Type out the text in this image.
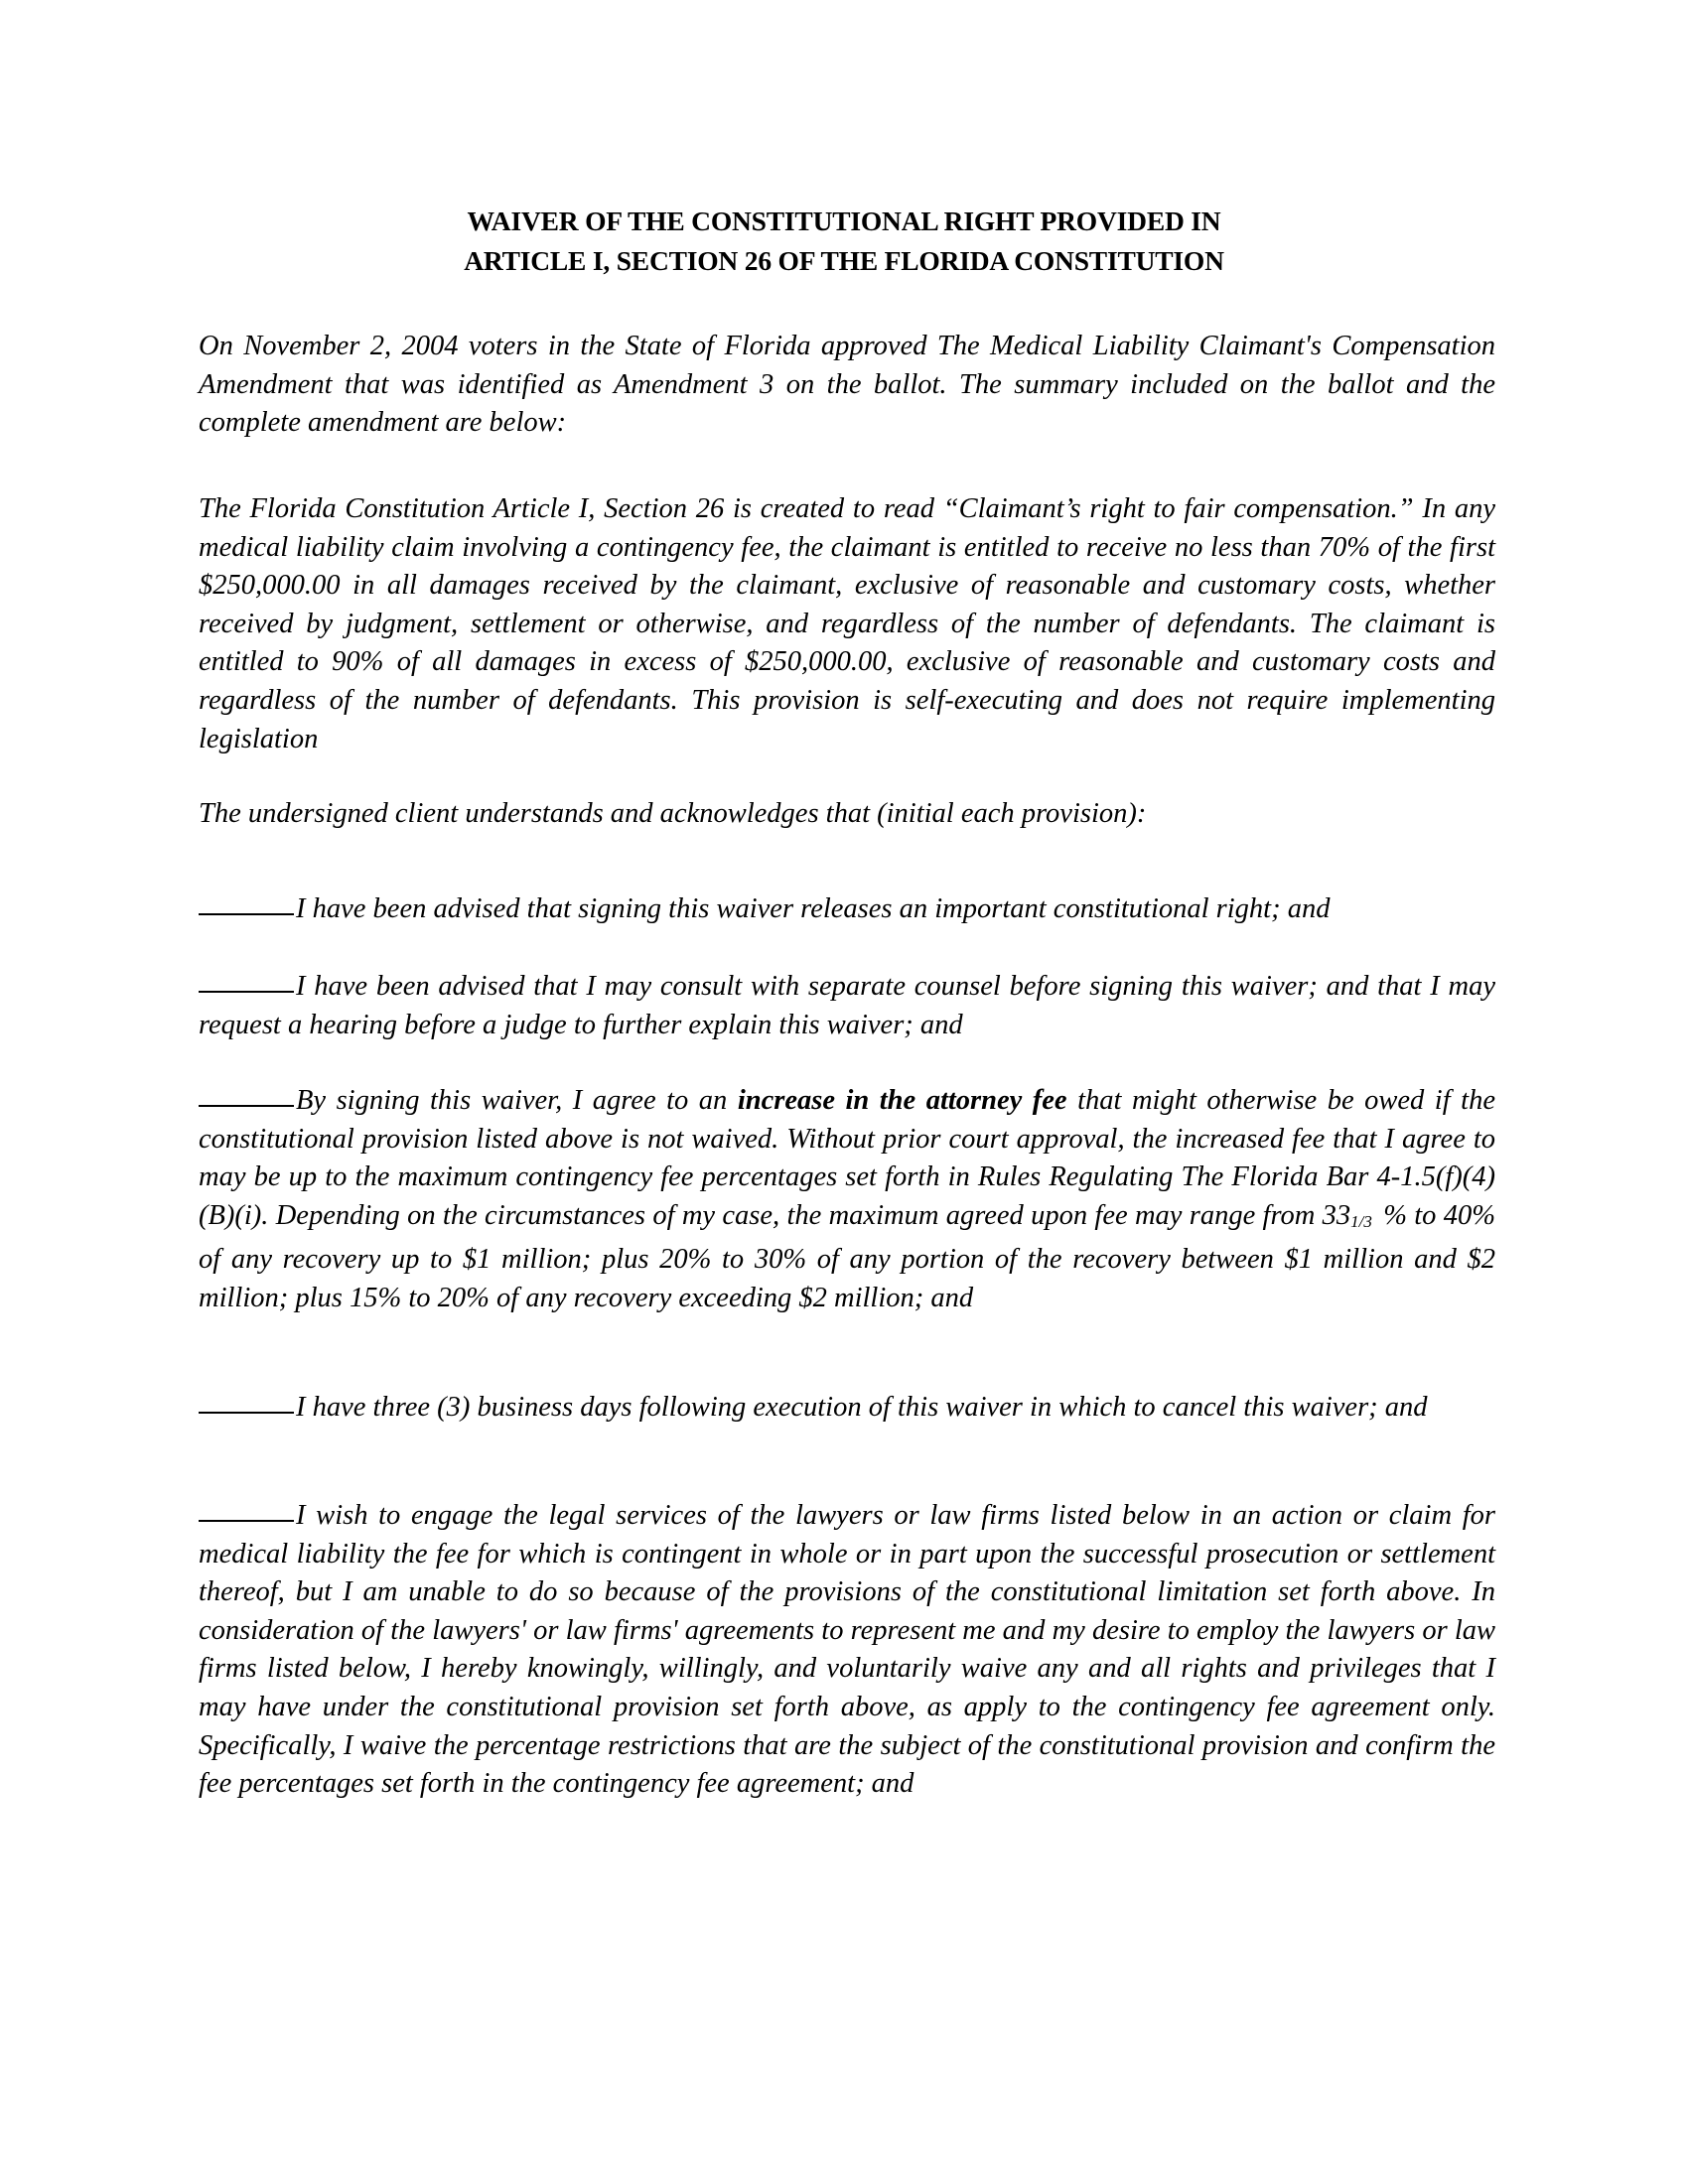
WAIVER OF THE CONSTITUTIONAL RIGHT PROVIDED IN
ARTICLE I, SECTION 26 OF THE FLORIDA CONSTITUTION

On November 2, 2004 voters in the State of Florida approved The Medical Liability Claimant's Compensation Amendment that was identified as Amendment 3 on the ballot. The summary included on the ballot and the complete amendment are below:

The Florida Constitution Article I, Section 26 is created to read “Claimant’s right to fair compensation.” In any medical liability claim involving a contingency fee, the claimant is entitled to receive no less than 70% of the first $250,000.00 in all damages received by the claimant, exclusive of reasonable and customary costs, whether received by judgment, settlement or otherwise, and regardless of the number of defendants. The claimant is entitled to 90% of all damages in excess of $250,000.00, exclusive of reasonable and customary costs and regardless of the number of defendants. This provision is self-executing and does not require implementing legislation

The undersigned client understands and acknowledges that (initial each provision):

I have been advised that signing this waiver releases an important constitutional right; and

I have been advised that I may consult with separate counsel before signing this waiver; and that I may request a hearing before a judge to further explain this waiver; and

By signing this waiver, I agree to an increase in the attorney fee that might otherwise be owed if the constitutional provision listed above is not waived. Without prior court approval, the increased fee that I agree to may be up to the maximum contingency fee percentages set forth in Rules Regulating The Florida Bar 4-1.5(f)(4)(B)(i). Depending on the circumstances of my case, the maximum agreed upon fee may range from 331/3 % to 40% of any recovery up to $1 million; plus 20% to 30% of any portion of the recovery between $1 million and $2 million; plus 15% to 20% of any recovery exceeding $2 million; and

I have three (3) business days following execution of this waiver in which to cancel this waiver; and

I wish to engage the legal services of the lawyers or law firms listed below in an action or claim for medical liability the fee for which is contingent in whole or in part upon the successful prosecution or settlement thereof, but I am unable to do so because of the provisions of the constitutional limitation set forth above. In consideration of the lawyers' or law firms' agreements to represent me and my desire to employ the lawyers or law firms listed below, I hereby knowingly, willingly, and voluntarily waive any and all rights and privileges that I may have under the constitutional provision set forth above, as apply to the contingency fee agreement only. Specifically, I waive the percentage restrictions that are the subject of the constitutional provision and confirm the fee percentages set forth in the contingency fee agreement; and
